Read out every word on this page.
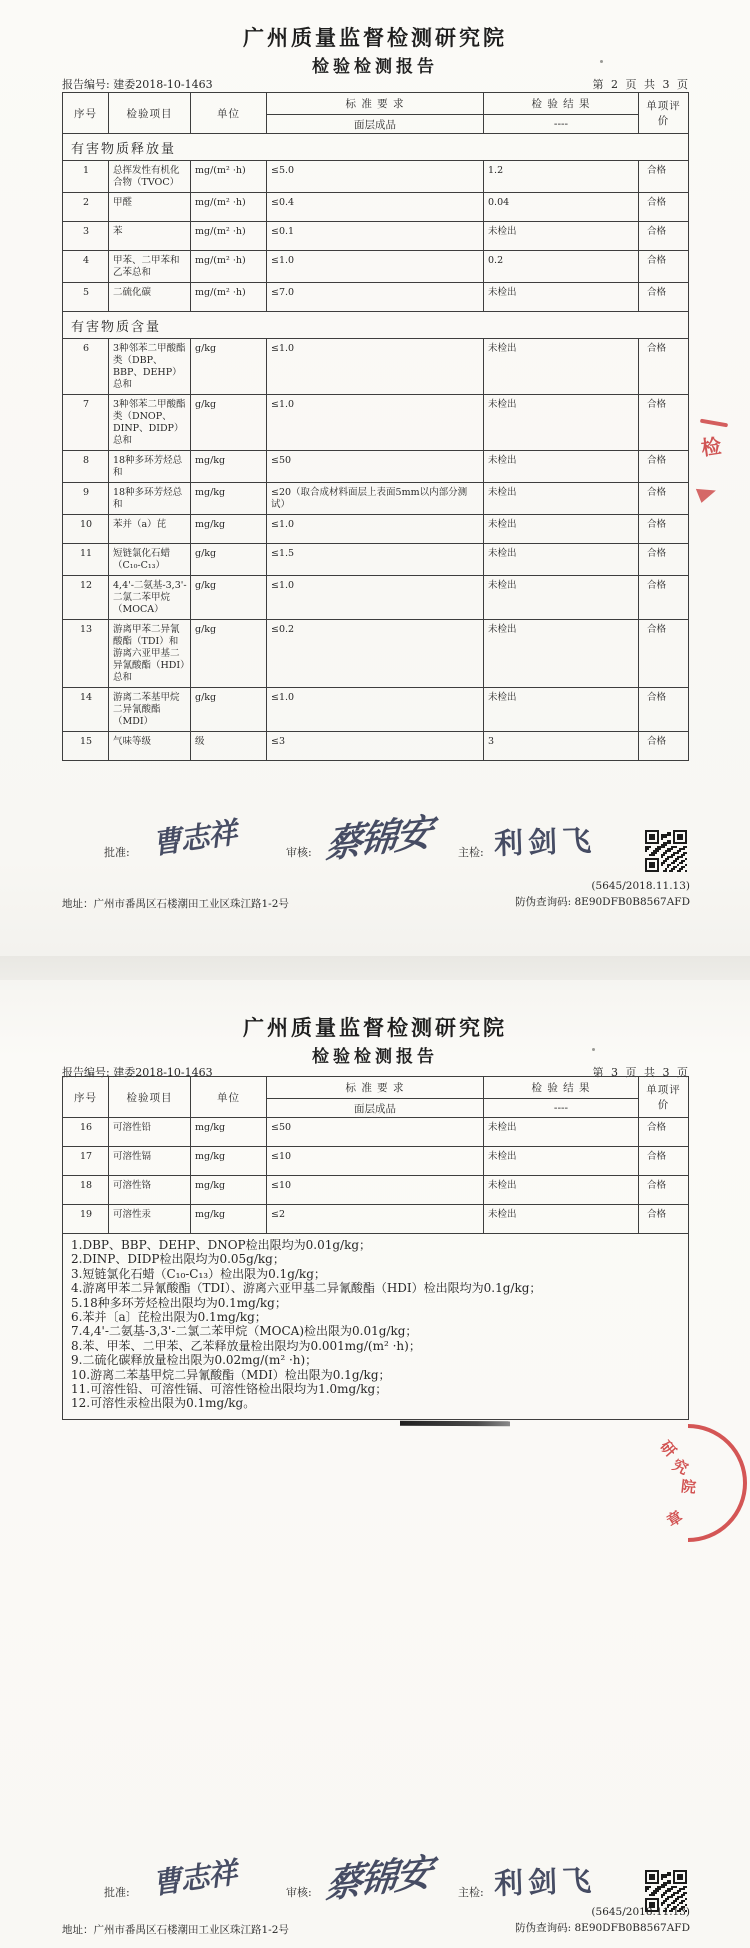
广州质量监督检测研究院
检验检测报告
报告编号: 建委2018-10-1463	第 2 页 共 3 页
序号	检验项目	单位	标 准 要 求	检 验 结 果	单项评价
			面层成品	----	
有害物质释放量					
1	总挥发性有机化合物（TVOC）	mg/(m² ·h)	≤5.0	1.2	合格
2	甲醛	mg/(m² ·h)	≤0.4	0.04	合格
3	苯	mg/(m² ·h)	≤0.1	未检出	合格
4	甲苯、二甲苯和乙苯总和	mg/(m² ·h)	≤1.0	0.2	合格
5	二硫化碳	mg/(m² ·h)	≤7.0	未检出	合格
有害物质含量					
6	3种邻苯二甲酸酯类（DBP、BBP、DEHP）总和	g/kg	≤1.0	未检出	合格
7	3种邻苯二甲酸酯类（DNOP、DINP、DIDP）总和	g/kg	≤1.0	未检出	合格
8	18种多环芳烃总和	mg/kg	≤50	未检出	合格
9	18种多环芳烃总和	mg/kg	≤20（取合成材料面层上表面5mm以内部分测试）	未检出	合格
10	苯并（a）芘	mg/kg	≤1.0	未检出	合格
11	短链氯化石蜡（C₁₀-C₁₃）	g/kg	≤1.5	未检出	合格
12	4,4'-二氨基-3,3'-二氯二苯甲烷（MOCA）	g/kg	≤1.0	未检出	合格
13	游离甲苯二异氰酸酯（TDI）和游离六亚甲基二异氰酸酯（HDI）总和	g/kg	≤0.2	未检出	合格
14	游离二苯基甲烷二异氰酸酯（MDI）	g/kg	≤1.0	未检出	合格
15	气味等级	级	≤3	3	合格
检
批准: 曹志祥	审核: 蔡锦安 主检: 利剑飞
(5645/2018.11.13)
防伪查询码: 8E90DFB0B8567AFD
地址：广州市番禺区石楼潮田工业区珠江路1-2号
广州质量监督检测研究院
检验检测报告
报告编号: 建委2018-10-1463	第 3 页 共 3 页
序号	检验项目	单位	标 准 要 求	检 验 结 果	单项评价
			面层成品	----	
16	可溶性铅	mg/kg	≤50	未检出	合格
17	可溶性镉	mg/kg	≤10	未检出	合格
18	可溶性铬	mg/kg	≤10	未检出	合格
19	可溶性汞	mg/kg	≤2	未检出	合格

1.DBP、BBP、DEHP、DNOP检出限均为0.01g/kg；
2.DINP、DIDP检出限均为0.05g/kg；
3.短链氯化石蜡（C₁₀-C₁₃）检出限为0.1g/kg；
4.游离甲苯二异氰酸酯（TDI）、游离六亚甲基二异氰酸酯（HDI）检出限均为0.1g/kg；
5.18种多环芳烃检出限均为0.1mg/kg；
6.苯并〔a〕芘检出限为0.1mg/kg；
7.4,4'-二氨基-3,3'-二氯二苯甲烷（MOCA)检出限为0.01g/kg；
8.苯、甲苯、二甲苯、乙苯释放量检出限均为0.001mg/(m² ·h)；
9.二硫化碳释放量检出限为0.02mg/(m² ·h)；
10.游离二苯基甲烷二异氰酸酯（MDI）检出限为0.1g/kg；
11.可溶性铅、可溶性镉、可溶性铬检出限均为1.0mg/kg；
12.可溶性汞检出限为0.1mg/kg。
研
究
院
章
批准: 曹志祥	审核: 蔡锦安 主检: 利剑飞
(5645/2018.11.13)
防伪查询码: 8E90DFB0B8567AFD
地址：广州市番禺区石楼潮田工业区珠江路1-2号
